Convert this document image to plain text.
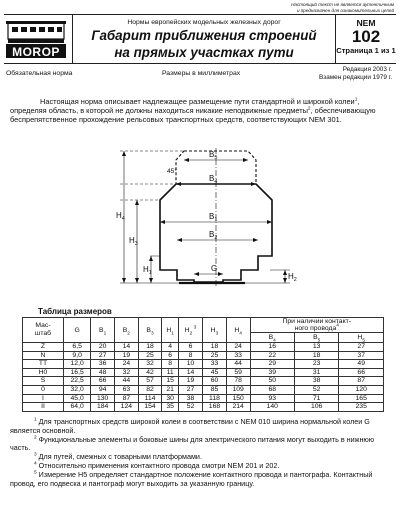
Настоящий текст не является аутентичным
и предназначен для ознакомительных целей
MOROP
Нормы европейских модельных железных дорог
Габарит приближения строений
на прямых участках пути
NEM
102
Страница 1 из 1
Обязательная норма	Размеры в миллиметрах
Редакция 2003 г.
Взамен редакции 1979 г.

Настоящая норма описывает надлежащее размещение пути стандартной и широкой колеи$^1$, определяя область, в которой не должны находиться никакие неподвижные предметы$^2$, обеспечивающую беспрепятственное прохождение рельсовых транспортных средств, соответствующих NEM 301.

$B_5$
$B_4$
$B_1$
$B_2$
G
45°
$H_4$
$H_3$
$H_1$	$H_2$
Таблица размеров
Мас-
штаб	G	$B_1$	$B_2$	$B_3$	$H_1$	$H_2$ $^3$	$H_3$	$H_4$	При наличии контакт-
ного провода$^4$
									$B_4$	$B_5$	$H_5$
Z	6,5	20	14	18	4	6	18	24	16	13	27
N	9,0	27	19	25	6	8	25	33	22	18	37
TT	12,0	36	24	32	8	10	33	44	29	23	49
H0	16,5	48	32	42	11	14	45	59	39	31	66
S	22,5	66	44	57	15	19	60	78	50	38	87
0	32,0	94	63	82	21	27	85	109	68	52	120
I	45,0	130	87	114	30	38	118	150	93	71	165
II	64,0	184	124	154	35	52	168	214	140	106	235

$^1$ Для транспортных средств широкой колеи в соответствии с NEM 010 ширина нормальной колеи G является основной.

$^2$ Функциональные элементы и боковые шины для электрического питания могут выходить в нижнюю часть.

$^3$ Для путей, смежных с товарными платформами.

$^4$ Относительно применения контактного провода смотри NEM 201 и 202.

$^5$ Измерение H5 определяет стандартное положение контактного провода и пантографа. Контактный провод, его подвеска и пантограф могут выходить за указанную границу.
